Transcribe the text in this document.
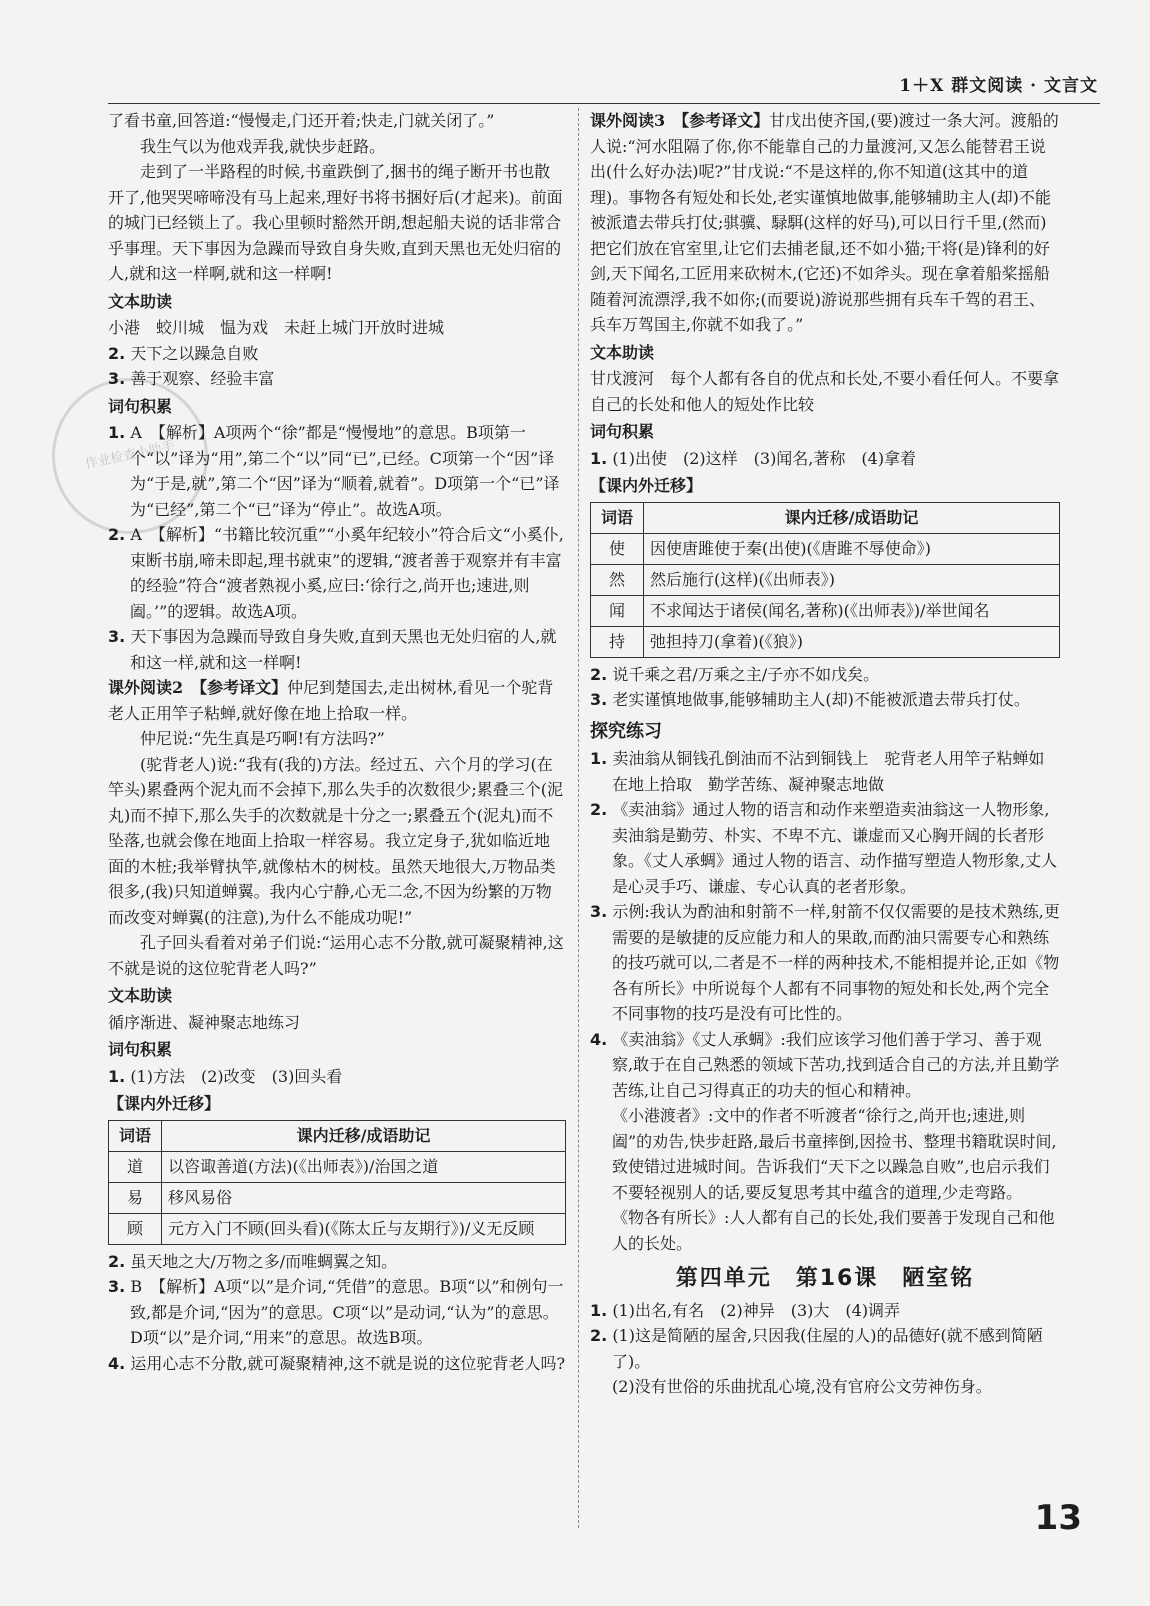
1＋X 群文阅读 · 文言文
作业检查小助手

了看书童,回答道:“慢慢走,门还开着;快走,门就关闭了。”

我生气以为他戏弄我,就快步赶路。

走到了一半路程的时候,书童跌倒了,捆书的绳子断开书也散开了,他哭哭啼啼没有马上起来,理好书将书捆好后(才起来)。前面的城门已经锁上了。我心里顿时豁然开朗,想起船夫说的话非常合乎事理。天下事因为急躁而导致自身失败,直到天黑也无处归宿的人,就和这一样啊,就和这一样啊!

文本助读

小港　蛟川城　愠为戏　未赶上城门开放时进城

2. 天下之以躁急自败

3. 善于观察、经验丰富

词句积累

1. A　【解析】A项两个“徐”都是“慢慢地”的意思。B项第一个“以”译为“用”,第二个“以”同“已”,已经。C项第一个“因”译为“于是,就”,第二个“因”译为“顺着,就着”。D项第一个“已”译为“已经”,第二个“已”译为“停止”。故选A项。

2. A　【解析】“书籍比较沉重”“小奚年纪较小”符合后文“小奚仆,束断书崩,啼未即起,理书就束”的逻辑,“渡者善于观察并有丰富的经验”符合“渡者熟视小奚,应曰:‘徐行之,尚开也;速进,则阖。’”的逻辑。故选A项。

3. 天下事因为急躁而导致自身失败,直到天黑也无处归宿的人,就和这一样,就和这一样啊!

课外阅读2　【参考译文】仲尼到楚国去,走出树林,看见一个驼背老人正用竿子粘蝉,就好像在地上拾取一样。

仲尼说:“先生真是巧啊!有方法吗?”

(驼背老人)说:“我有(我的)方法。经过五、六个月的学习(在竿头)累叠两个泥丸而不会掉下,那么失手的次数很少;累叠三个(泥丸)而不掉下,那么失手的次数就是十分之一;累叠五个(泥丸)而不坠落,也就会像在地面上拾取一样容易。我立定身子,犹如临近地面的木桩;我举臂执竿,就像枯木的树枝。虽然天地很大,万物品类很多,(我)只知道蝉翼。我内心宁静,心无二念,不因为纷繁的万物而改变对蝉翼(的注意),为什么不能成功呢!”

孔子回头看着对弟子们说:“运用心志不分散,就可凝聚精神,这不就是说的这位驼背老人吗?”

文本助读

循序渐进、凝神聚志地练习

词句积累

1. (1)方法　(2)改变　(3)回头看

【课内外迁移】
词语	课内迁移/成语助记
道	以咨诹善道(方法)(《出师表》)/治国之道
易	移风易俗
顾	元方入门不顾(回头看)(《陈太丘与友期行》)/义无反顾

2. 虽天地之大/万物之多/而唯蜩翼之知。

3. B　【解析】A项“以”是介词,“凭借”的意思。B项“以”和例句一致,都是介词,“因为”的意思。C项“以”是动词,“认为”的意思。D项“以”是介词,“用来”的意思。故选B项。

4. 运用心志不分散,就可凝聚精神,这不就是说的这位驼背老人吗?

课外阅读3　【参考译文】甘戊出使齐国,(要)渡过一条大河。渡船的人说:“河水阻隔了你,你不能靠自己的力量渡河,又怎么能替君王说出(什么好办法)呢?”甘戊说:“不是这样的,你不知道(这其中的道理)。事物各有短处和长处,老实谨慎地做事,能够辅助主人(却)不能被派遣去带兵打仗;骐骥、騄駬(这样的好马),可以日行千里,(然而)把它们放在官室里,让它们去捕老鼠,还不如小猫;干将(是)锋利的好剑,天下闻名,工匠用来砍树木,(它还)不如斧头。现在拿着船桨摇船随着河流漂浮,我不如你;(而要说)游说那些拥有兵车千驾的君王、兵车万驾国主,你就不如我了。”

文本助读

甘戊渡河　每个人都有各自的优点和长处,不要小看任何人。不要拿自己的长处和他人的短处作比较

词句积累

1. (1)出使　(2)这样　(3)闻名,著称　(4)拿着

【课内外迁移】
词语	课内迁移/成语助记
使	因使唐雎使于秦(出使)(《唐雎不辱使命》)
然	然后施行(这样)(《出师表》)
闻	不求闻达于诸侯(闻名,著称)(《出师表》)/举世闻名
持	弛担持刀(拿着)(《狼》)

2. 说千乘之君/万乘之主/子亦不如戊矣。

3. 老实谨慎地做事,能够辅助主人(却)不能被派遣去带兵打仗。

探究练习

1. 卖油翁从铜钱孔倒油而不沾到铜钱上　驼背老人用竿子粘蝉如在地上拾取　勤学苦练、凝神聚志地做

2. 《卖油翁》通过人物的语言和动作来塑造卖油翁这一人物形象,卖油翁是勤劳、朴实、不卑不亢、谦虚而又心胸开阔的长者形象。《丈人承蜩》通过人物的语言、动作描写塑造人物形象,丈人是心灵手巧、谦虚、专心认真的老者形象。

3. 示例:我认为酌油和射箭不一样,射箭不仅仅需要的是技术熟练,更需要的是敏捷的反应能力和人的果敢,而酌油只需要专心和熟练的技巧就可以,二者是不一样的两种技术,不能相提并论,正如《物各有所长》中所说每个人都有不同事物的短处和长处,两个完全不同事物的技巧是没有可比性的。

4. 《卖油翁》《丈人承蜩》:我们应该学习他们善于学习、善于观察,敢于在自己熟悉的领域下苦功,找到适合自己的方法,并且勤学苦练,让自己习得真正的功夫的恒心和精神。

《小港渡者》:文中的作者不听渡者“徐行之,尚开也;速进,则阖”的劝告,快步赶路,最后书童摔倒,因捡书、整理书籍耽误时间,致使错过进城时间。告诉我们“天下之以躁急自败”,也启示我们不要轻视别人的话,要反复思考其中蕴含的道理,少走弯路。

《物各有所长》:人人都有自己的长处,我们要善于发现自己和他人的长处。

第四单元　第16课　陋室铭

1. (1)出名,有名　(2)神异　(3)大　(4)调弄

2. (1)这是简陋的屋舍,只因我(住屋的人)的品德好(就不感到简陋了)。

(2)没有世俗的乐曲扰乱心境,没有官府公文劳神伤身。

13
